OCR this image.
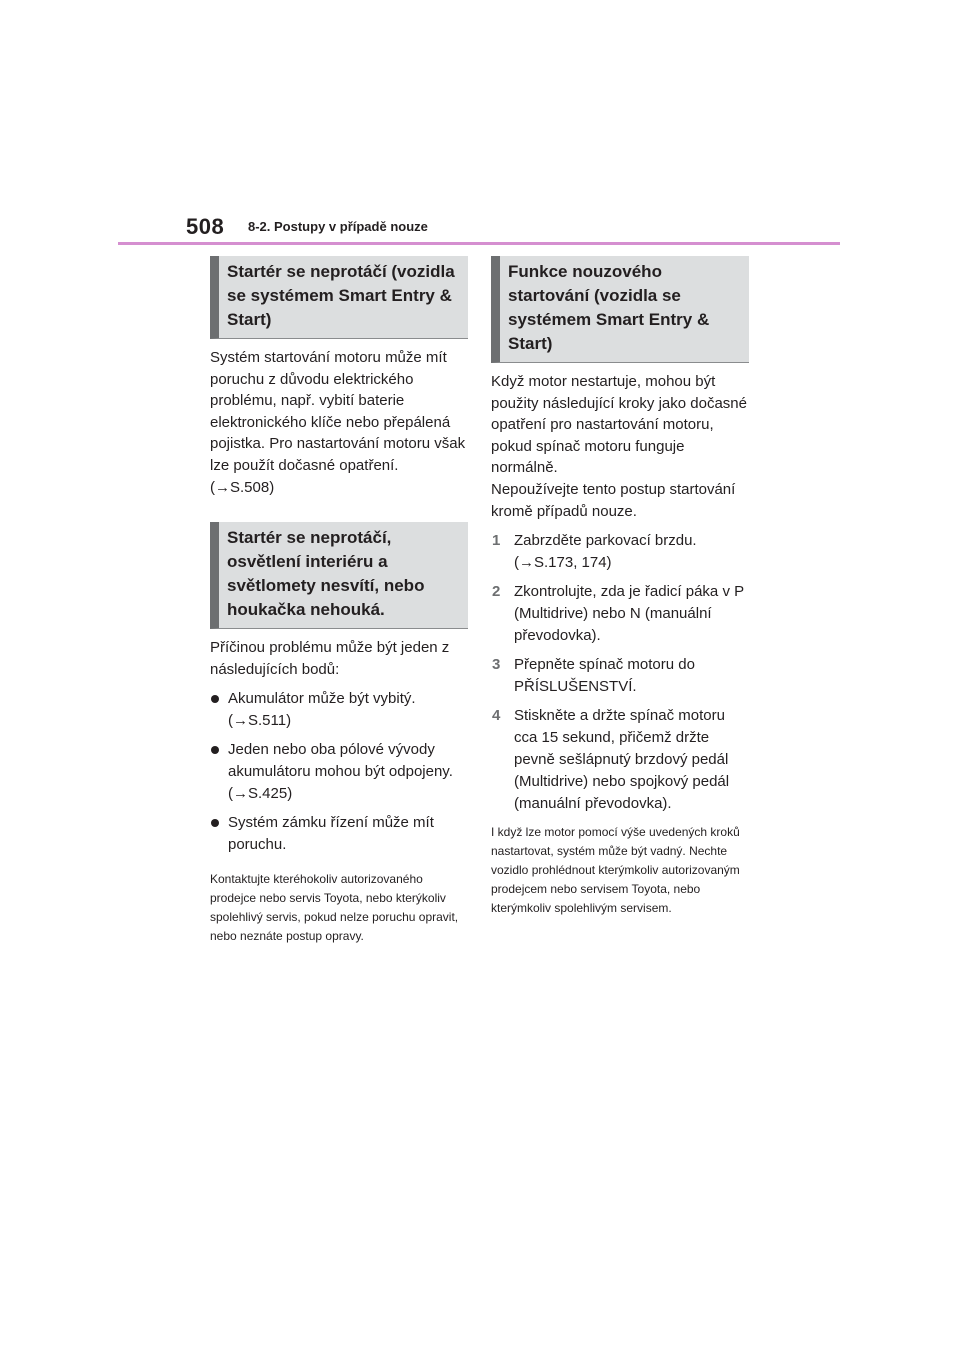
508 8-2. Postupy v případě nouze
Startér se neprotáčí (vozidla se systémem Smart Entry & Start)

Systém startování motoru může mít poruchu z důvodu elektrického problému, např. vybití baterie elektronického klíče nebo přepálená pojistka. Pro nastartování motoru však lze použít dočasné opatření.
(→S.508)

Startér se neprotáčí, osvětlení interiéru a světlomety nesvítí, nebo houkačka nehouká.

Příčinou problému může být jeden z následujících bodů:

Akumulátor může být vybitý.
(→S.511)
Jeden nebo oba pólové vývody akumulátoru mohou být odpojeny.
(→S.425)
Systém zámku řízení může mít poruchu.

Kontaktujte kteréhokoliv autorizovaného prodejce nebo servis Toyota, nebo kterýkoliv spolehlivý servis, pokud nelze poruchu opravit, nebo neznáte postup opravy.

Funkce nouzového startování (vozidla se systémem Smart Entry & Start)

Když motor nestartuje, mohou být použity následující kroky jako dočasné opatření pro nastartování motoru, pokud spínač motoru funguje normálně.

Nepoužívejte tento postup startování kromě případů nouze.

1 Zabrzděte parkovací brzdu.
(→S.173, 174)
2 Zkontrolujte, zda je řadicí páka v P (Multidrive) nebo N (manuální převodovka).
3 Přepněte spínač motoru do PŘÍSLUŠENSTVÍ.
4 Stiskněte a držte spínač motoru cca 15 sekund, přičemž držte pevně sešlápnutý brzdový pedál (Multidrive) nebo spojkový pedál (manuální převodovka).

I když lze motor pomocí výše uvedených kroků nastartovat, systém může být vadný. Nechte vozidlo prohlédnout kterýmkoliv autorizovaným prodejcem nebo servisem Toyota, nebo kterýmkoliv spolehlivým servisem.
